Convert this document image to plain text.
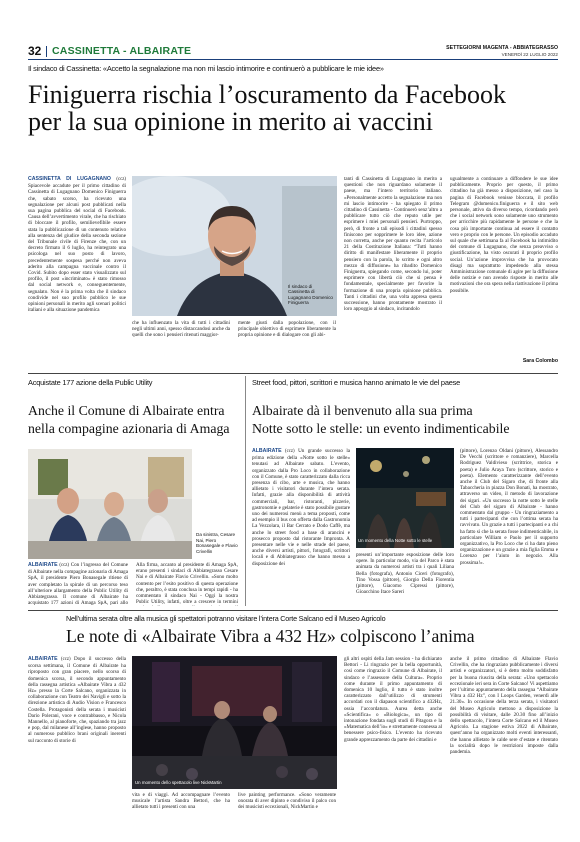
32 CASSINETTA - ALBAIRATE	SETTEGIORNI MAGENTA - ABBIATEGRASSO
VENERDÌ 22 LUGLIO 2022
Il sindaco di Cassinetta: «Accetto la segnalazione ma non mi lascio intimorire e continuerò a pubblicare le mie idee»
Finiguerra rischia l’oscuramento da Facebook
per la sua opinione in merito ai vaccini
CASSINETTA DI LUGAGNANO (ccz) Spiacevole accadute per il primo cittadino di Cassinetta di Lugagnano Domenico Finiguerra che, sabato scorso, ha ricevuto una segnalazione per alcuni post pubblicati nella sua pagina pubblica del social di Facebook. Causa dell’avvertimento virale, che ha rischiato di bloccare il profilo, semilievefibile essere stata la pubblicazione di un contenuto relativo alla sentenza del giudice della seconda sezione del Tribunale civile di Firenze che, con un decreto firmato il 6 luglio, ha reintegrato una psicologa nel suo posto di lavoro, precedentemente sospesa perché non aveva aderito alla campagna vaccinale contro il Covid. Subito dopo esser stato visualizzato sul profilo, il post «incriminato» è stato rimosso dal social network e, conseguentemente, segnalato. Non è la prima volta che il sindaco condivide nel suo profilo pubblico le sue opinioni personali in merito agli scenari politici italiani e alla situazione pandemica
Il sindaco di Cassinetta di Lugagnano Domenico Finiguerra
che ha influenzato la vita di tutti i cittadini negli ultimi anni, spesso distaccandosi anche da quelli che sono i pensieri ritenuti maggior-
mente giusti dalla popolazione, con il principale obiettivo di esprimere liberamente la propria opinione e di dialogare con gli abi-
tanti di Cassinetta di Lugagnano in merito a questioni che non riguardano solamente il paese, ma l’intero territorio italiano. «Personalmente accetto la segnalazione ma non mi lascio intimorire - ha spiegato il primo cittadino di Cassinetta - Continuerò senz’altro a pubblicare tutto ciò che reputo utile per esprimere i miei personali pensieri. Purtroppo, però, di fronte a tali episodi i cittadini spesso finiscono per sopprimere le loro idee, azione non corretta, anche per quanto recita l’articolo 21 della Costituzione Italiana: “Tutti hanno diritto di manifestare liberamente il proprio pensiero con la parola, lo scritto e ogni altro mezzo di diffusione» ha ribadito Domenico Finiguerra, spiegando come, secondo lui, poter esprimere con libertà ciò che si pensa è fondamentale, specialmente per favorire la formazione di una propria opinione pubblica. Tanti i cittadini che, una volta appresa questa successione, hanno prontamente mostrato il loro appoggio al sindaco, incitandolo
ugualmente a continuare a diffondere le sue idee pubblicamente. Proprio per questo, il primo cittadino ha già messo a disposizione, nel caso la pagina di Facebook venisse bloccata, il profilo Telegram @domenico.finiguerra e il sito web personale, attivo da diverso tempo, ricordando però che i social network sono solamente uno strumento per arricchire più rapidamente le persone e che la cosa più importante continua ad essere il contatto vero e proprio con le persone. Un episodio accaduto sul quale che settimana fa al Facebook ha intimidito del comune di Lugagnano, che senza preavviso o giustificazione, ha visto oscurati il proprio profilo social. Un’azione improvvisa che ha provocato disagi ma soprattutto impedendo alla stessa Amministrazione comunale di agire per la diffusione delle notizie e non avendo risposte in merito alle motivazioni che ora spera nella riattivazione il prima possibile.
Sara Colombo
Acquistate 177 azione della Public Utility
Anche il Comune di Albairate entra
nella compagine azionaria di Amaga
Da sinistra, Cesare Nai, Piero Bonasegale e Flavio Crivellin
ALBAIRATE (ccz) Con l’ingresso del Comune di Albairate nella compagine azionaria di Amaga SpA, il presidente Piero Bonasegale ritiene di aver completato la spirale di un percorso teso all’ulteriore allargamento della Public Utility di Abbiategrasso. Il comune di Albairate ha acquistato 177 azioni di Amaga SpA, pari allo
Alla firma, accanto al presidente di Amaga SpA, erano presenti i sindaci di Abbiategrasso Cesare Nai e di Albairate Flavio Crivellin. «Sono molto contento per l’esito positivo di questa operazione che, peraltro, è stata conclusa in tempi rapidi - ha commentato il sindaco Nai - Oggi la nostra Public Utility, infatti, oltre a crescere in termini
Street food, pittori, scrittori e musica hanno animato le vie del paese
Albairate dà il benvenuto alla sua prima
Notte sotto le stelle: un evento indimenticabile
ALBAIRATE (ccz) Un grande successo la prima edizione della «Notte sotto le stelle» tenutasi ad Albairate sabato. L’evento, organizzato dalla Pro Loco in collaborazione con il Comune, è stato caratterizzato dalla ricca presenza di cibo, arte e musica, che hanno allietato i visitatori durante l’intera serata. Infatti, grazie alla disponibilità di attività commerciali, bar, ristoranti, pizzerie, gastronomie e gelaterie è stato possibile gustare uno dei numerosi menù a tema proposti, come ad esempio il bus con offerta dalla Gastronomia La Vezzolara, il Bar Cerrato e Dodo Caffè, ma anche lo street food a base di arancini e prosecco proposto dal ristorante Impronta. A presentare nelle vie e nelle strade del paese, anche diversi artisti, pittori, fotografi, scrittori locali e di Abbiategrasso che hanno messo a disposizione dei
Un momento della Notte sotto le stelle
presenti un’importante esposizione delle loro opere. In particolar modo, via del Parco è stata animata da numerosi artisti tra i quali Liliana Bella (fotografa), Antonio Ciceri (fotografo), Tino Vossa (pittore), Giorgio Della Fiorentia (pittore), Giacomo Cipressi (pittore), Gioacchino Itace Sareri
(pittore), Lorenzo Oldani (pittore), Alessandro De Vecchi (scrittore e romanziere), Marcella Rodriguez Valdivieso (scrittrice, storica e poeta) e Julio Araya Toro (scrittore, storico e poeta). Elemento caratterizzante dell’evento anche il Club del Sigaro che, di fronte alla Tabaccheria in piazza Don Bonati, ha mostrato, attraverso un video, il metodo di lavorazione dei sigari. «Un successo la notte sotto le stelle del Club del sigaro di Albairate - hanno commentato dal gruppo - Un ringraziamento a tutti i partecipanti che con l’ottima serata ha ravvivato. Un grazie a tutti i partecipanti e a chi ha fatto sì che la serata fosse indimenticabile, in particolare William e Paolo per il supporto organizzativo, la Pro Loco che ci ha dato pieno organizzazione e un grazie a mia figlia Emma e Lorenzo per l’aiuto in negozio. Alla prossima!».
Nell’ultima serata oltre alla musica gli spettatori potranno visitare l’intera Corte Salcano ed il Museo Agricolo
Le note di «Albairate Vibra a 432 Hz» colpiscono l’anima
ALBAIRATE (ccz) Dopo il successo della scorsa settimana, il Comune di Albairate ha riproposto con gran piacere, nello scorso di domenica scorsa, il secondo appuntamento della rassegna artistica «Albairate Vibra a 432 Hz» presso la Corte Salcano, organizzata in collaborazione con Teatro dei Navigli e sotto la direzione artistica di Audio Vision e Francesco Costella. Protagonisti della serata i musicisti Dario Polerani, voce e contrabbasso, e Nicola Mannello, al pianoforte, che, spaziando tra jazz e pop, dal milanese all’inglese, hanno proposto al numeroso pubblico brani originali inerenti sul racconto di storie di
Un momento dello spettacolo live NickMartin
vita e di viaggi. Ad accompagnare l’evento musicale l’artista Sandra Bettori, che ha allietato tutti i presenti con una
live painting performance. «Sono veramente onorata di aver dipinto e condiviso il palco con dei musicisti eccezionali, NickMartin e
gli altri ospiti della Jam session - ha dichiarato Bettori - Li ringrazio per la bella opportunità, così come ringrazio il Comune di Albairate, il sindaco e l’assessore della Cultura». Proprio come durante il primo appuntamento di domenica 10 luglio, il tutto è stato inoltre caratterizzato dall’utilizzo di strumenti accordati con il diapason scientifico a 432Hz, ossia l’accordatura. Aurea detta anche «Scientifica» o «Biologica», un tipo di intonazione fondata sugli studi di Pitagora e la «Matematica dell’io» e strettamente connessa al benessere psico-fisico. L’evento ha ricevuto grande apprezzamento da parte dei cittadini e
anche il primo cittadino di Albairate Flavio Crivellin, che ha ringraziato pubblicamente i diversi artisti e organizzatori, si è detto molto soddisfatto per la buona riuscita della serata: «Uno spettacolo eccezionale ieri sera in Corte Salcano! Vi aspettiamo per l’ultimo appuntamento della rassegna “Albairate Vibra a 432 Hz”, con I Loops Garden, venerdì alle 21.30». In occasione della terza serata, i visitatori del Museo Agricolo mettono a disposizione la possibilità di visitare, dalle 20.30 fino all’inizio dello spettacolo, l’intera Corte Salcano ed il Museo Agricolo. La stagione estiva 2022 di Albairate, quest’anno ha organizzato molti eventi interessanti, che hanno allietato le calde sere d’estate e ritentato la socialità dopo le restrizioni imposte dalla pandemia.
